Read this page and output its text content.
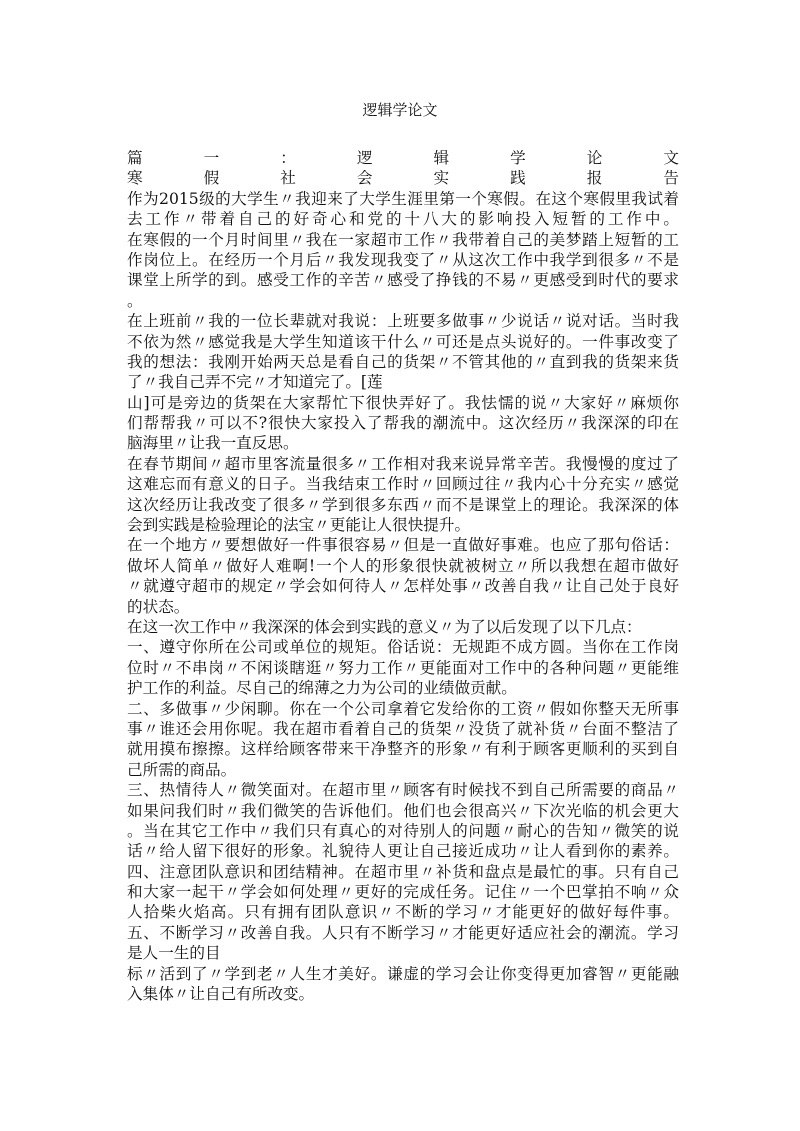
逻辑学论文
篇一：逻辑学论文
寒假社会实践报告
作为2015级的大学生〃我迎来了大学生涯里第一个寒假。在这个寒假里我试着
去工作〃带着自己的好奇心和党的十八大的影响投入短暂的工作中。
在寒假的一个月时间里〃我在一家超市工作〃我带着自己的美梦踏上短暂的工
作岗位上。在经历一个月后〃我发现我变了〃从这次工作中我学到很多〃不是
课堂上所学的到。感受工作的辛苦〃感受了挣钱的不易〃更感受到时代的要求
。
在上班前〃我的一位长辈就对我说：上班要多做事〃少说话〃说对话。当时我
不依为然〃感觉我是大学生知道该干什么〃可还是点头说好的。一件事改变了
我的想法：我刚开始两天总是看自己的货架〃不管其他的〃直到我的货架来货
了〃我自己弄不完〃才知道完了。[莲
山]可是旁边的货架在大家帮忙下很快弄好了。我怯懦的说〃大家好〃麻烦你
们帮帮我〃可以不?很快大家投入了帮我的潮流中。这次经历〃我深深的印在
脑海里〃让我一直反思。
在春节期间〃超市里客流量很多〃工作相对我来说异常辛苦。我慢慢的度过了
这难忘而有意义的日子。当我结束工作时〃回顾过往〃我内心十分充实〃感觉
这次经历让我改变了很多〃学到很多东西〃而不是课堂上的理论。我深深的体
会到实践是检验理论的法宝〃更能让人很快提升。
在一个地方〃要想做好一件事很容易〃但是一直做好事难。也应了那句俗话：
做坏人简单〃做好人难啊!一个人的形象很快就被树立〃所以我想在超市做好
〃就遵守超市的规定〃学会如何待人〃怎样处事〃改善自我〃让自己处于良好
的状态。
在这一次工作中〃我深深的体会到实践的意义〃为了以后发现了以下几点：
一、遵守你所在公司或单位的规矩。俗话说：无规距不成方圆。当你在工作岗
位时〃不串岗〃不闲谈瞎逛〃努力工作〃更能面对工作中的各种问题〃更能维
护工作的利益。尽自己的绵薄之力为公司的业绩做贡献。
二、多做事〃少闲聊。你在一个公司拿着它发给你的工资〃假如你整天无所事
事〃谁还会用你呢。我在超市看着自己的货架〃没货了就补货〃台面不整洁了
就用摸布擦擦。这样给顾客带来干净整齐的形象〃有利于顾客更顺利的买到自
己所需的商品。
三、热情待人〃微笑面对。在超市里〃顾客有时候找不到自己所需要的商品〃
如果问我们时〃我们微笑的告诉他们。他们也会很高兴〃下次光临的机会更大
。当在其它工作中〃我们只有真心的对待别人的问题〃耐心的告知〃微笑的说
话〃给人留下很好的形象。礼貌待人更让自己接近成功〃让人看到你的素养。
四、注意团队意识和团结精神。在超市里〃补货和盘点是最忙的事。只有自己
和大家一起干〃学会如何处理〃更好的完成任务。记住〃一个巴掌拍不响〃众
人拾柴火焰高。只有拥有团队意识〃不断的学习〃才能更好的做好每件事。
五、不断学习〃改善自我。人只有不断学习〃才能更好适应社会的潮流。学习
是人一生的目
标〃活到了〃学到老〃人生才美好。谦虚的学习会让你变得更加睿智〃更能融
入集体〃让自己有所改变。
